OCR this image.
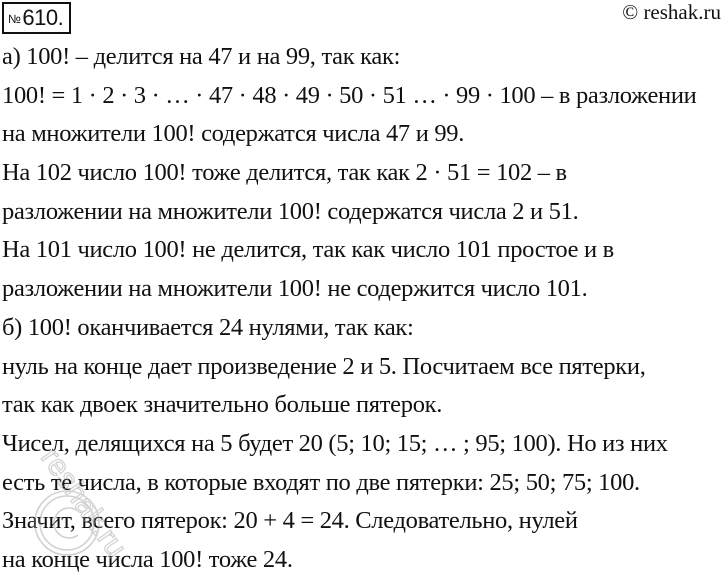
№610.	© reshak.ru
а) 100! – делится на 47 и на 99, так как:
100! = 1 · 2 · 3 · … · 47 · 48 · 49 · 50 · 51 … · 99 · 100 – в разложении
на множители 100! содержатся числа 47 и 99.
На 102 число 100! тоже делится, так как 2 · 51 = 102 – в
разложении на множители 100! содержатся числа 2 и 51.
На 101 число 100! не делится, так как число 101 простое и в
разложении на множители 100! не содержится число 101.
б) 100! оканчивается 24 нулями, так как:
нуль на конце дает произведение 2 и 5. Посчитаем все пятерки,
так как двоек значительно больше пятерок.
Чисел, делящихся на 5 будет 20 (5; 10; 15; … ; 95; 100). Но из них
есть те числа, в которые входят по две пятерки: 25; 50; 75; 100.
Значит, всего пятерок: 20 + 4 = 24. Следовательно, нулей
на конце числа 100! тоже 24.
reshak.ru
